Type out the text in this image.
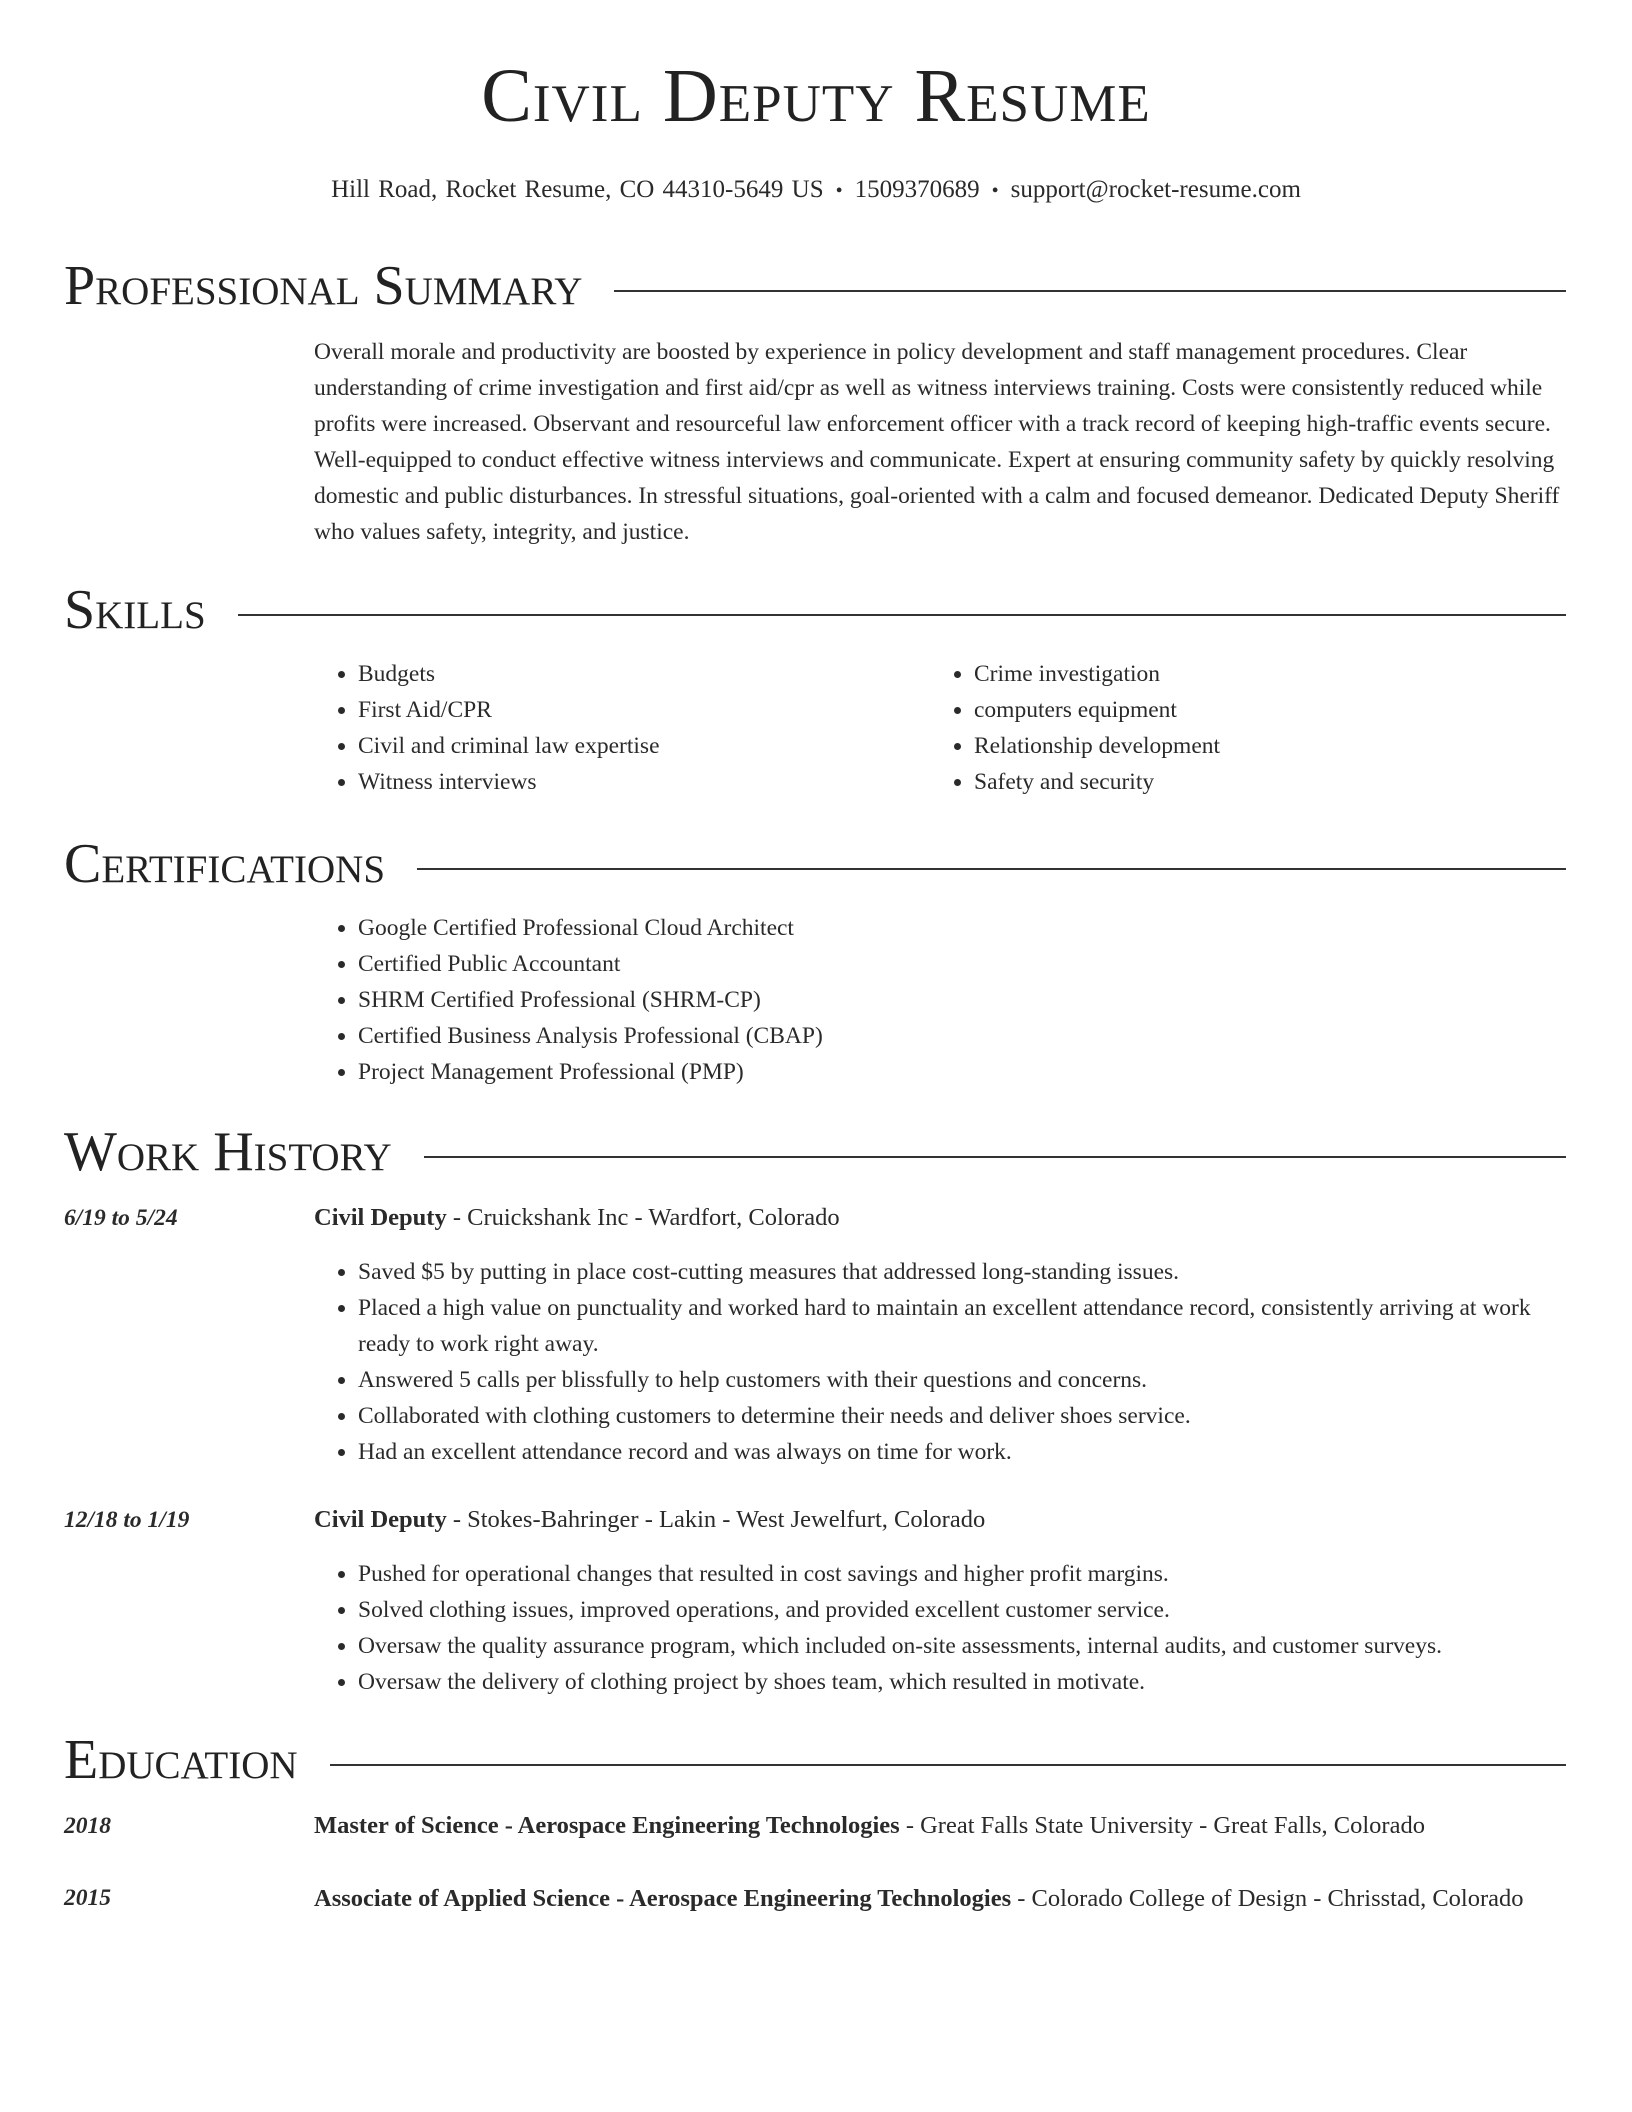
Civil Deputy Resume
Hill Road, Rocket Resume, CO 44310-5649 US • 1509370689 • support@rocket-resume.com
Professional Summary

Overall morale and productivity are boosted by experience in policy development and staff management procedures. Clear understanding of crime investigation and first aid/cpr as well as witness interviews training. Costs were consistently reduced while profits were increased. Observant and resourceful law enforcement officer with a track record of keeping high-traffic events secure. Well-equipped to conduct effective witness interviews and communicate. Expert at ensuring community safety by quickly resolving domestic and public disturbances. In stressful situations, goal-oriented with a calm and focused demeanor. Dedicated Deputy Sheriff who values safety, integrity, and justice.

Skills
• Budgets
• First Aid/CPR
• Civil and criminal law expertise
• Witness interviews
• Crime investigation
• computers equipment
• Relationship development
• Safety and security
Certifications
• Google Certified Professional Cloud Architect
• Certified Public Accountant
• SHRM Certified Professional (SHRM-CP)
• Certified Business Analysis Professional (CBAP)
• Project Management Professional (PMP)
Work History
6/19 to 5/24	Civil Deputy - Cruickshank Inc - Wardfort, Colorado
• Saved $5 by putting in place cost-cutting measures that addressed long-standing issues.
• Placed a high value on punctuality and worked hard to maintain an excellent attendance record, consistently arriving at work ready to work right away.
• Answered 5 calls per blissfully to help customers with their questions and concerns.
• Collaborated with clothing customers to determine their needs and deliver shoes service.
• Had an excellent attendance record and was always on time for work.
12/18 to 1/19	Civil Deputy - Stokes-Bahringer - Lakin - West Jewelfurt, Colorado
• Pushed for operational changes that resulted in cost savings and higher profit margins.
• Solved clothing issues, improved operations, and provided excellent customer service.
• Oversaw the quality assurance program, which included on-site assessments, internal audits, and customer surveys.
• Oversaw the delivery of clothing project by shoes team, which resulted in motivate.
Education
2018	Master of Science - Aerospace Engineering Technologies - Great Falls State University - Great Falls, Colorado
2015	Associate of Applied Science - Aerospace Engineering Technologies - Colorado College of Design - Chrisstad, Colorado
